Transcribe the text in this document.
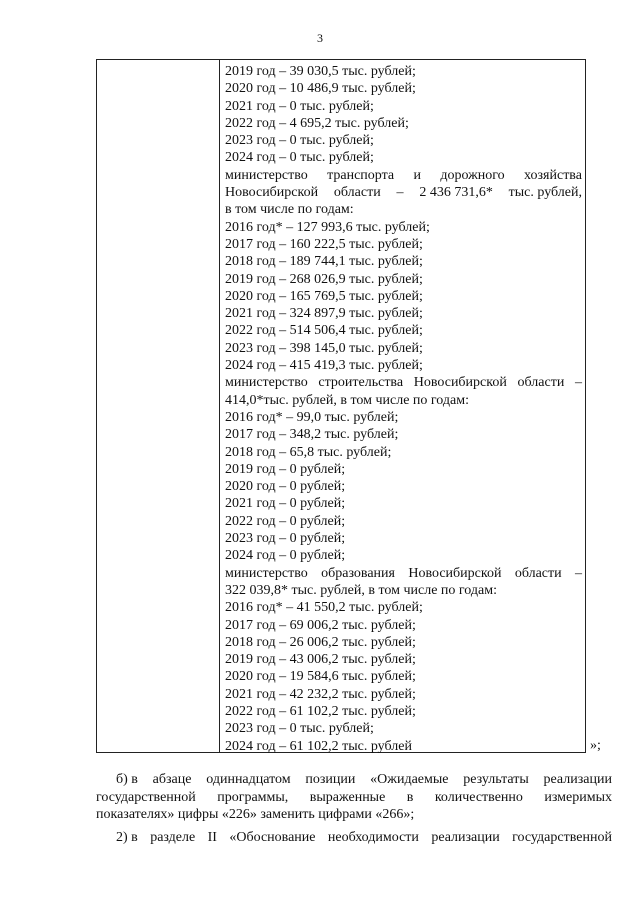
3
2019 год – 39 030,5 тыс. рублей;
2020 год – 10 486,9 тыс. рублей;
2021 год – 0 тыс. рублей;
2022 год – 4 695,2 тыс. рублей;
2023 год – 0 тыс. рублей;
2024 год – 0 тыс. рублей;
министерство транспорта и дорожного хозяйства
Новосибирской области – 2 436 731,6* тыс. рублей,
в том числе по годам:
2016 год* – 127 993,6 тыс. рублей;
2017 год – 160 222,5 тыс. рублей;
2018 год – 189 744,1 тыс. рублей;
2019 год – 268 026,9 тыс. рублей;
2020 год – 165 769,5 тыс. рублей;
2021 год – 324 897,9 тыс. рублей;
2022 год – 514 506,4 тыс. рублей;
2023 год – 398 145,0 тыс. рублей;
2024 год – 415 419,3 тыс. рублей;
министерство строительства Новосибирской области –
414,0*тыс. рублей, в том числе по годам:
2016 год* – 99,0 тыс. рублей;
2017 год – 348,2 тыс. рублей;
2018 год – 65,8 тыс. рублей;
2019 год – 0 рублей;
2020 год – 0 рублей;
2021 год – 0 рублей;
2022 год – 0 рублей;
2023 год – 0 рублей;
2024 год – 0 рублей;
министерство образования Новосибирской области –
322 039,8* тыс. рублей, в том числе по годам:
2016 год* – 41 550,2 тыс. рублей;
2017 год – 69 006,2 тыс. рублей;
2018 год – 26 006,2 тыс. рублей;
2019 год – 43 006,2 тыс. рублей;
2020 год – 19 584,6 тыс. рублей;
2021 год – 42 232,2 тыс. рублей;
2022 год – 61 102,2 тыс. рублей;
2023 год – 0 тыс. рублей;
2024 год – 61 102,2 тыс. рублей	»;
б) в абзаце одиннадцатом позиции «Ожидаемые результаты реализации
государственной программы, выраженные в количественно измеримых
показателях» цифры «226» заменить цифрами «266»;
2) в разделе II «Обоснование необходимости реализации государственной
